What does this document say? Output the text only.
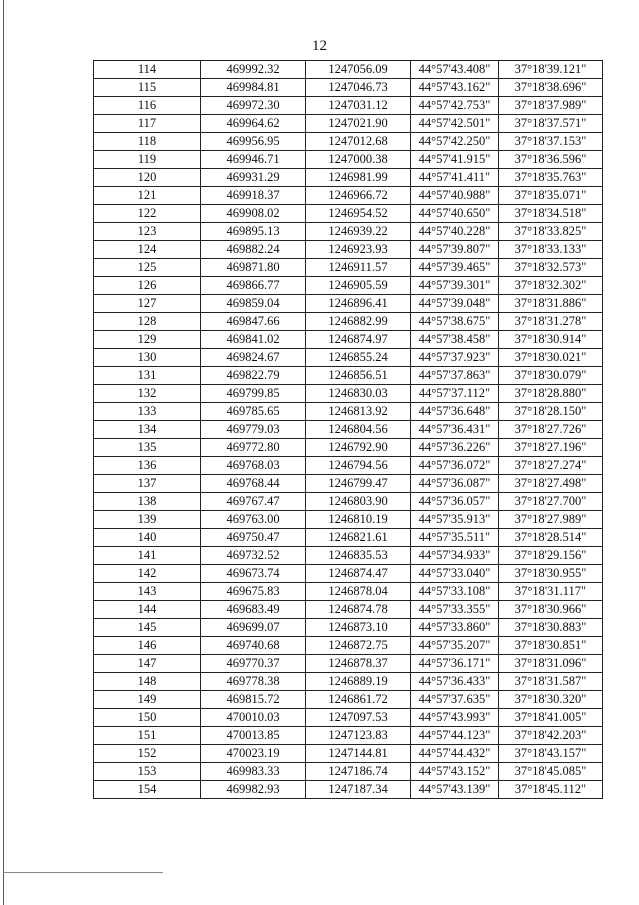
12
114	469992.32	1247056.09	44°57'43.408"	37°18'39.121"
115	469984.81	1247046.73	44°57'43.162"	37°18'38.696"
116	469972.30	1247031.12	44°57'42.753"	37°18'37.989"
117	469964.62	1247021.90	44°57'42.501"	37°18'37.571"
118	469956.95	1247012.68	44°57'42.250"	37°18'37.153"
119	469946.71	1247000.38	44°57'41.915"	37°18'36.596"
120	469931.29	1246981.99	44°57'41.411"	37°18'35.763"
121	469918.37	1246966.72	44°57'40.988"	37°18'35.071"
122	469908.02	1246954.52	44°57'40.650"	37°18'34.518"
123	469895.13	1246939.22	44°57'40.228"	37°18'33.825"
124	469882.24	1246923.93	44°57'39.807"	37°18'33.133"
125	469871.80	1246911.57	44°57'39.465"	37°18'32.573"
126	469866.77	1246905.59	44°57'39.301"	37°18'32.302"
127	469859.04	1246896.41	44°57'39.048"	37°18'31.886"
128	469847.66	1246882.99	44°57'38.675"	37°18'31.278"
129	469841.02	1246874.97	44°57'38.458"	37°18'30.914"
130	469824.67	1246855.24	44°57'37.923"	37°18'30.021"
131	469822.79	1246856.51	44°57'37.863"	37°18'30.079"
132	469799.85	1246830.03	44°57'37.112"	37°18'28.880"
133	469785.65	1246813.92	44°57'36.648"	37°18'28.150"
134	469779.03	1246804.56	44°57'36.431"	37°18'27.726"
135	469772.80	1246792.90	44°57'36.226"	37°18'27.196"
136	469768.03	1246794.56	44°57'36.072"	37°18'27.274"
137	469768.44	1246799.47	44°57'36.087"	37°18'27.498"
138	469767.47	1246803.90	44°57'36.057"	37°18'27.700"
139	469763.00	1246810.19	44°57'35.913"	37°18'27.989"
140	469750.47	1246821.61	44°57'35.511"	37°18'28.514"
141	469732.52	1246835.53	44°57'34.933"	37°18'29.156"
142	469673.74	1246874.47	44°57'33.040"	37°18'30.955"
143	469675.83	1246878.04	44°57'33.108"	37°18'31.117"
144	469683.49	1246874.78	44°57'33.355"	37°18'30.966"
145	469699.07	1246873.10	44°57'33.860"	37°18'30.883"
146	469740.68	1246872.75	44°57'35.207"	37°18'30.851"
147	469770.37	1246878.37	44°57'36.171"	37°18'31.096"
148	469778.38	1246889.19	44°57'36.433"	37°18'31.587"
149	469815.72	1246861.72	44°57'37.635"	37°18'30.320"
150	470010.03	1247097.53	44°57'43.993"	37°18'41.005"
151	470013.85	1247123.83	44°57'44.123"	37°18'42.203"
152	470023.19	1247144.81	44°57'44.432"	37°18'43.157"
153	469983.33	1247186.74	44°57'43.152"	37°18'45.085"
154	469982.93	1247187.34	44°57'43.139"	37°18'45.112"
